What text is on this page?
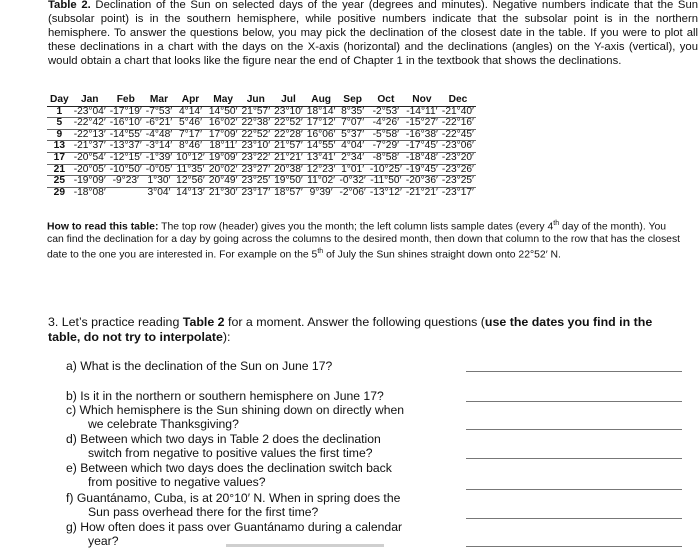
Table 2. Declination of the Sun on selected days of the year (degrees and minutes). Negative numbers indicate that the Sun (subsolar point) is in the southern hemisphere, while positive numbers indicate that the subsolar point is in the northern hemisphere. To answer the questions below, you may pick the declination of the closest date in the table. If you were to plot all these declinations in a chart with the days on the X-axis (horizontal) and the declinations (angles) on the Y-axis (vertical), you would obtain a chart that looks like the figure near the end of Chapter 1 in the textbook that shows the declinations.
Day	Jan	Feb	Mar	Apr	May	Jun	Jul	Aug	Sep	Oct	Nov	Dec
1	-23°04′	-17°19′	-7°53′	4°14′	14°50′	21°57′	23°10′	18°14′	8°35′	-2°53′	-14°11′	-21°40′
5	-22°42′	-16°10′	-6°21′	5°46′	16°02′	22°38′	22°52′	17°12′	7°07′	-4°26′	-15°27′	-22°16′
9	-22°13′	-14°55′	-4°48′	7°17′	17°09′	22°52′	22°28′	16°06′	5°37′	-5°58′	-16°38′	-22°45′
13	-21°37′	-13°37′	-3°14′	8°46′	18°11′	23°10′	21°57′	14°55′	4°04′	-7°29′	-17°45′	-23°06′
17	-20°54′	-12°15′	-1°39′	10°12′	19°09′	23°22′	21°21′	13°41′	2°34′	-8°58′	-18°48′	-23°20′
21	-20°05′	-10°50′	-0°05′	11°35′	20°02′	23°27′	20°38′	12°23′	1°01′	-10°25′	-19°45′	-23°26′
25	-19°09′	-9°23′	1°30′	12°56′	20°49′	23°25′	19°50′	11°02′	-0°32′	-11°50′	-20°36′	-23°25′
29	-18°08′		3°04′	14°13′	21°30′	23°17′	18°57′	9°39′	-2°06′	-13°12′	-21°21′	-23°17′
How to read this table: The top row (header) gives you the month; the left column lists sample dates (every 4th day of the month). You can find the declination for a day by going across the columns to the desired month, then down that column to the row that has the closest date to the one you are interested in. For example on the 5th of July the Sun shines straight down onto 22°52′ N.
3. Let’s practice reading Table 2 for a moment. Answer the following questions (use the dates you find in the table, do not try to interpolate):
a) What is the declination of the Sun on June 17?
b) Is it in the northern or southern hemisphere on June 17?
c) Which hemisphere is the Sun shining down on directly when
we celebrate Thanksgiving?
d) Between which two days in Table 2 does the declination
switch from negative to positive values the first time?
e) Between which two days does the declination switch back
from positive to negative values?
f) Guantánamo, Cuba, is at 20°10′ N. When in spring does the
Sun pass overhead there for the first time?
g) How often does it pass over Guantánamo during a calendar
year?
